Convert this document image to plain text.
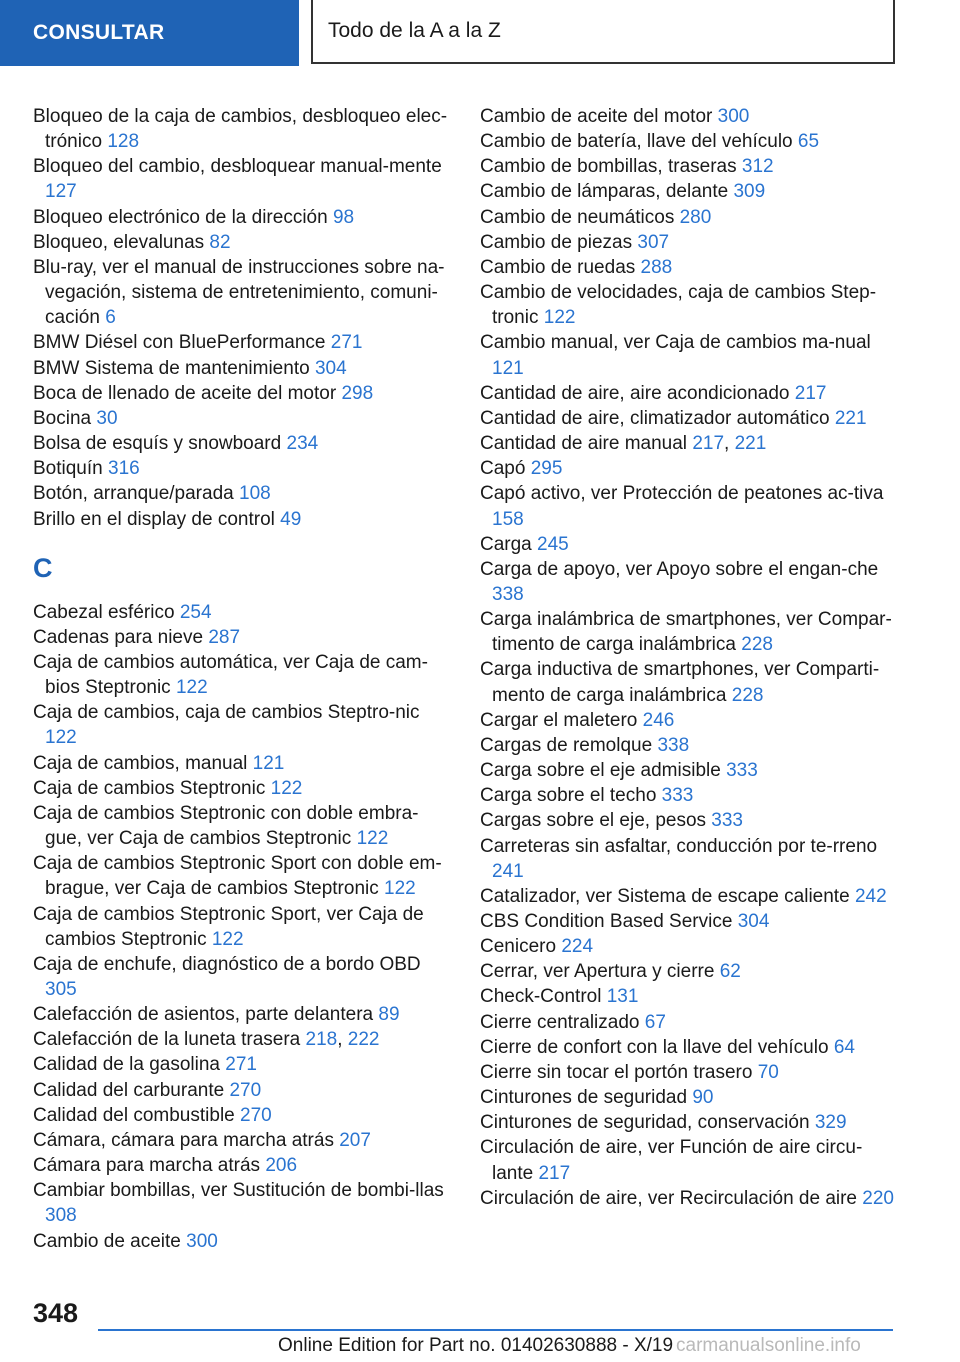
CONSULTAR	Todo de la A a la Z
Bloqueo de la caja de cambios, desbloqueo elec-trónico 128
Bloqueo del cambio, desbloquear manual-mente 127
Bloqueo electrónico de la dirección 98
Bloqueo, elevalunas 82
Blu-ray, ver el manual de instrucciones sobre na-vegación, sistema de entretenimiento, comuni-cación 6
BMW Diésel con BluePerformance 271
BMW Sistema de mantenimiento 304
Boca de llenado de aceite del motor 298
Bocina 30
Bolsa de esquís y snowboard 234
Botiquín 316
Botón, arranque/parada 108
Brillo en el display de control 49
C
Cabezal esférico 254
Cadenas para nieve 287
Caja de cambios automática, ver Caja de cam-bios Steptronic 122
Caja de cambios, caja de cambios Steptro-nic 122
Caja de cambios, manual 121
Caja de cambios Steptronic 122
Caja de cambios Steptronic con doble embra-gue, ver Caja de cambios Steptronic 122
Caja de cambios Steptronic Sport con doble em-brague, ver Caja de cambios Steptronic 122
Caja de cambios Steptronic Sport, ver Caja de cambios Steptronic 122
Caja de enchufe, diagnóstico de a bordo OBD 305
Calefacción de asientos, parte delantera 89
Calefacción de la luneta trasera 218, 222
Calidad de la gasolina 271
Calidad del carburante 270
Calidad del combustible 270
Cámara, cámara para marcha atrás 207
Cámara para marcha atrás 206
Cambiar bombillas, ver Sustitución de bombi-llas 308
Cambio de aceite 300
Cambio de aceite del motor 300
Cambio de batería, llave del vehículo 65
Cambio de bombillas, traseras 312
Cambio de lámparas, delante 309
Cambio de neumáticos 280
Cambio de piezas 307
Cambio de ruedas 288
Cambio de velocidades, caja de cambios Step-tronic 122
Cambio manual, ver Caja de cambios ma-nual 121
Cantidad de aire, aire acondicionado 217
Cantidad de aire, climatizador automático 221
Cantidad de aire manual 217, 221
Capó 295
Capó activo, ver Protección de peatones ac-tiva 158
Carga 245
Carga de apoyo, ver Apoyo sobre el engan-che 338
Carga inalámbrica de smartphones, ver Compar-timento de carga inalámbrica 228
Carga inductiva de smartphones, ver Comparti-mento de carga inalámbrica 228
Cargar el maletero 246
Cargas de remolque 338
Carga sobre el eje admisible 333
Carga sobre el techo 333
Cargas sobre el eje, pesos 333
Carreteras sin asfaltar, conducción por te-rreno 241
Catalizador, ver Sistema de escape caliente 242
CBS Condition Based Service 304
Cenicero 224
Cerrar, ver Apertura y cierre 62
Check-Control 131
Cierre centralizado 67
Cierre de confort con la llave del vehículo 64
Cierre sin tocar el portón trasero 70
Cinturones de seguridad 90
Cinturones de seguridad, conservación 329
Circulación de aire, ver Función de aire circu-lante 217
Circulación de aire, ver Recirculación de aire 220
348
Online Edition for Part no. 01402630888 - X/19 carmanualsonline.info
